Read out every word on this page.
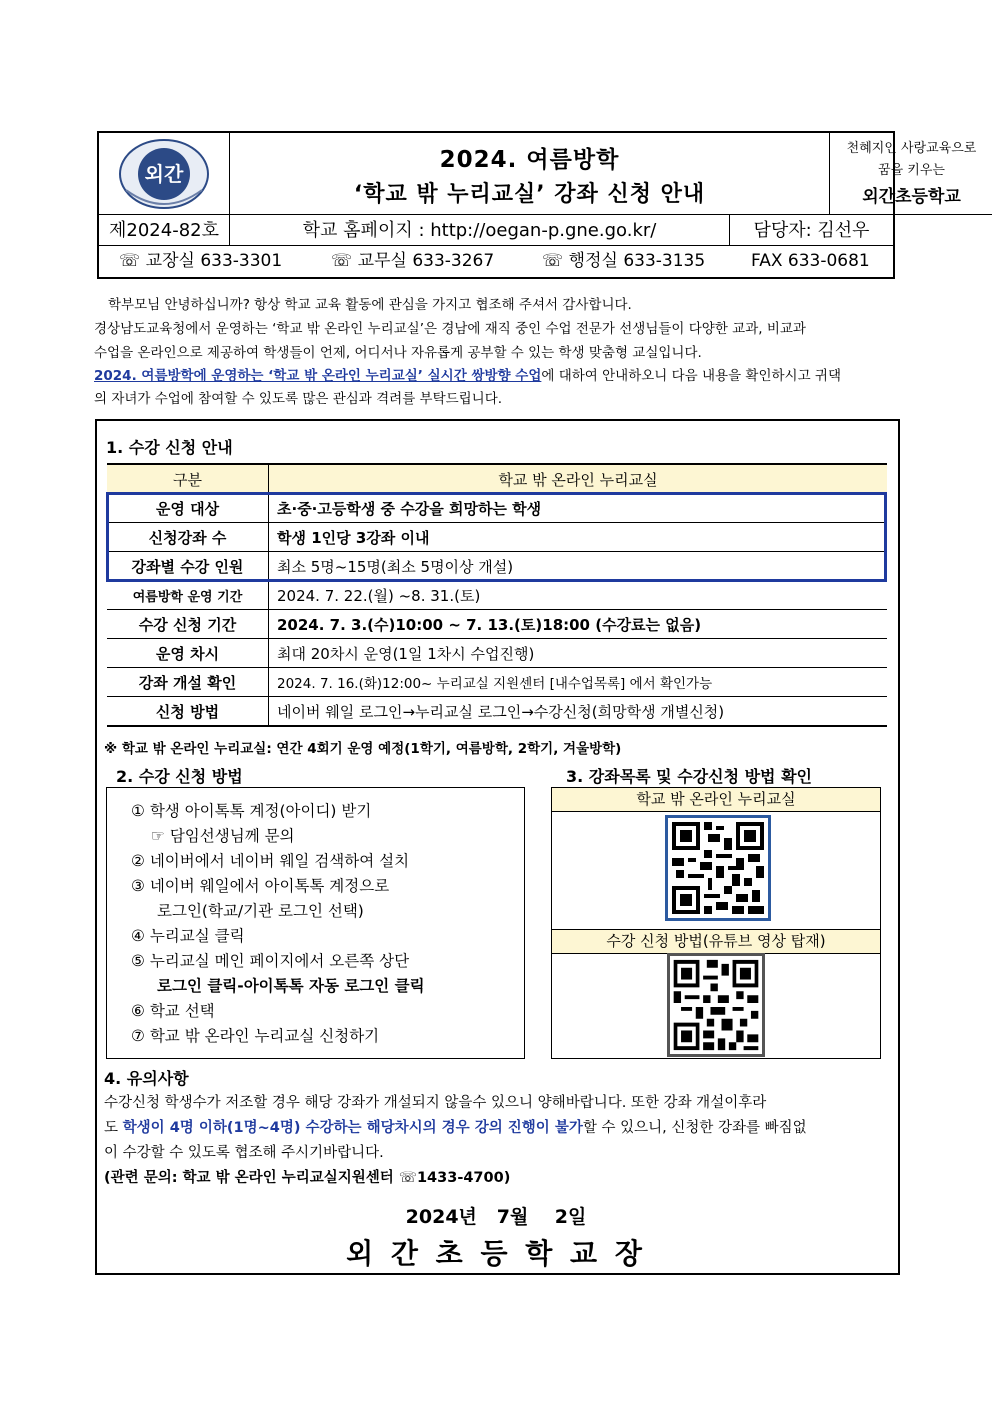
외간
2024. 여름방학
‘학교 밖 누리교실’ 강좌 신청 안내
천혜지인 사랑교육으로
꿈을 키우는
외간초등학교
제2024-82호	학교 홈페이지 : http://oegan-p.gne.go.kr/	담당자: 김선우
☏ 교장실 633-3301	☏ 교무실 633-3267	☏ 행정실 633-3135	FAX 633-0681

학부모님 안녕하십니까? 항상 학교 교육 활동에 관심을 가지고 협조해 주셔서 감사합니다.

경상남도교육청에서 운영하는 ‘학교 밖 온라인 누리교실’은 경남에 재직 중인 수업 전문가 선생님들이 다양한 교과, 비교과

수업을 온라인으로 제공하여 학생들이 언제, 어디서나 자유롭게 공부할 수 있는 학생 맞춤형 교실입니다.

2024. 여름방학에 운영하는 ‘학교 밖 온라인 누리교실’ 실시간 쌍방향 수업에 대하여 안내하오니 다음 내용을 확인하시고 귀댁

의 자녀가 수업에 참여할 수 있도록 많은 관심과 격려를 부탁드립니다.

1. 수강 신청 안내
구분	학교 밖 온라인 누리교실
운영 대상	초·중·고등학생 중 수강을 희망하는 학생
신청강좌 수	학생 1인당 3강좌 이내
강좌별 수강 인원	최소 5명~15명(최소 5명이상 개설)
여름방학 운영 기간	2024. 7. 22.(월) ~8. 31.(토)
수강 신청 기간	2024. 7. 3.(수)10:00 ~ 7. 13.(토)18:00 (수강료는 없음)
운영 차시	최대 20차시 운영(1일 1차시 수업진행)
강좌 개설 확인	2024. 7. 16.(화)12:00~ 누리교실 지원센터 [내수업목록] 에서 확인가능
신청 방법	네이버 웨일 로그인→누리교실 로그인→수강신청(희망학생 개별신청)
※ 학교 밖 온라인 누리교실: 연간 4회기 운영 예정(1학기, 여름방학, 2학기, 겨울방학)
2. 수강 신청 방법	3. 강좌목록 및 수강신청 방법 확인
① 학생 아이톡톡 계정(아이디) 받기
☞ 담임선생님께 문의
② 네이버에서 네이버 웨일 검색하여 설치
③ 네이버 웨일에서 아이톡톡 계정으로
로그인(학교/기관 로그인 선택)
④ 누리교실 클릭
⑤ 누리교실 메인 페이지에서 오른쪽 상단
로그인 클릭-아이톡톡 자동 로그인 클릭
⑥ 학교 선택
⑦ 학교 밖 온라인 누리교실 신청하기
학교 밖 온라인 누리교실
수강 신청 방법(유튜브 영상 탑재)
4. 유의사항
수강신청 학생수가 저조할 경우 해당 강좌가 개설되지 않을수 있으니 양해바랍니다. 또한 강좌 개설이후라
도 학생이 4명 이하(1명~4명) 수강하는 해당차시의 경우 강의 진행이 불가할 수 있으니, 신청한 강좌를 빠짐없
이 수강할 수 있도록 협조해 주시기바랍니다.
(관련 문의: 학교 밖 온라인 누리교실지원센터 ☏1433-4700)
2024년   7월    2일
외 간 초 등 학 교 장
